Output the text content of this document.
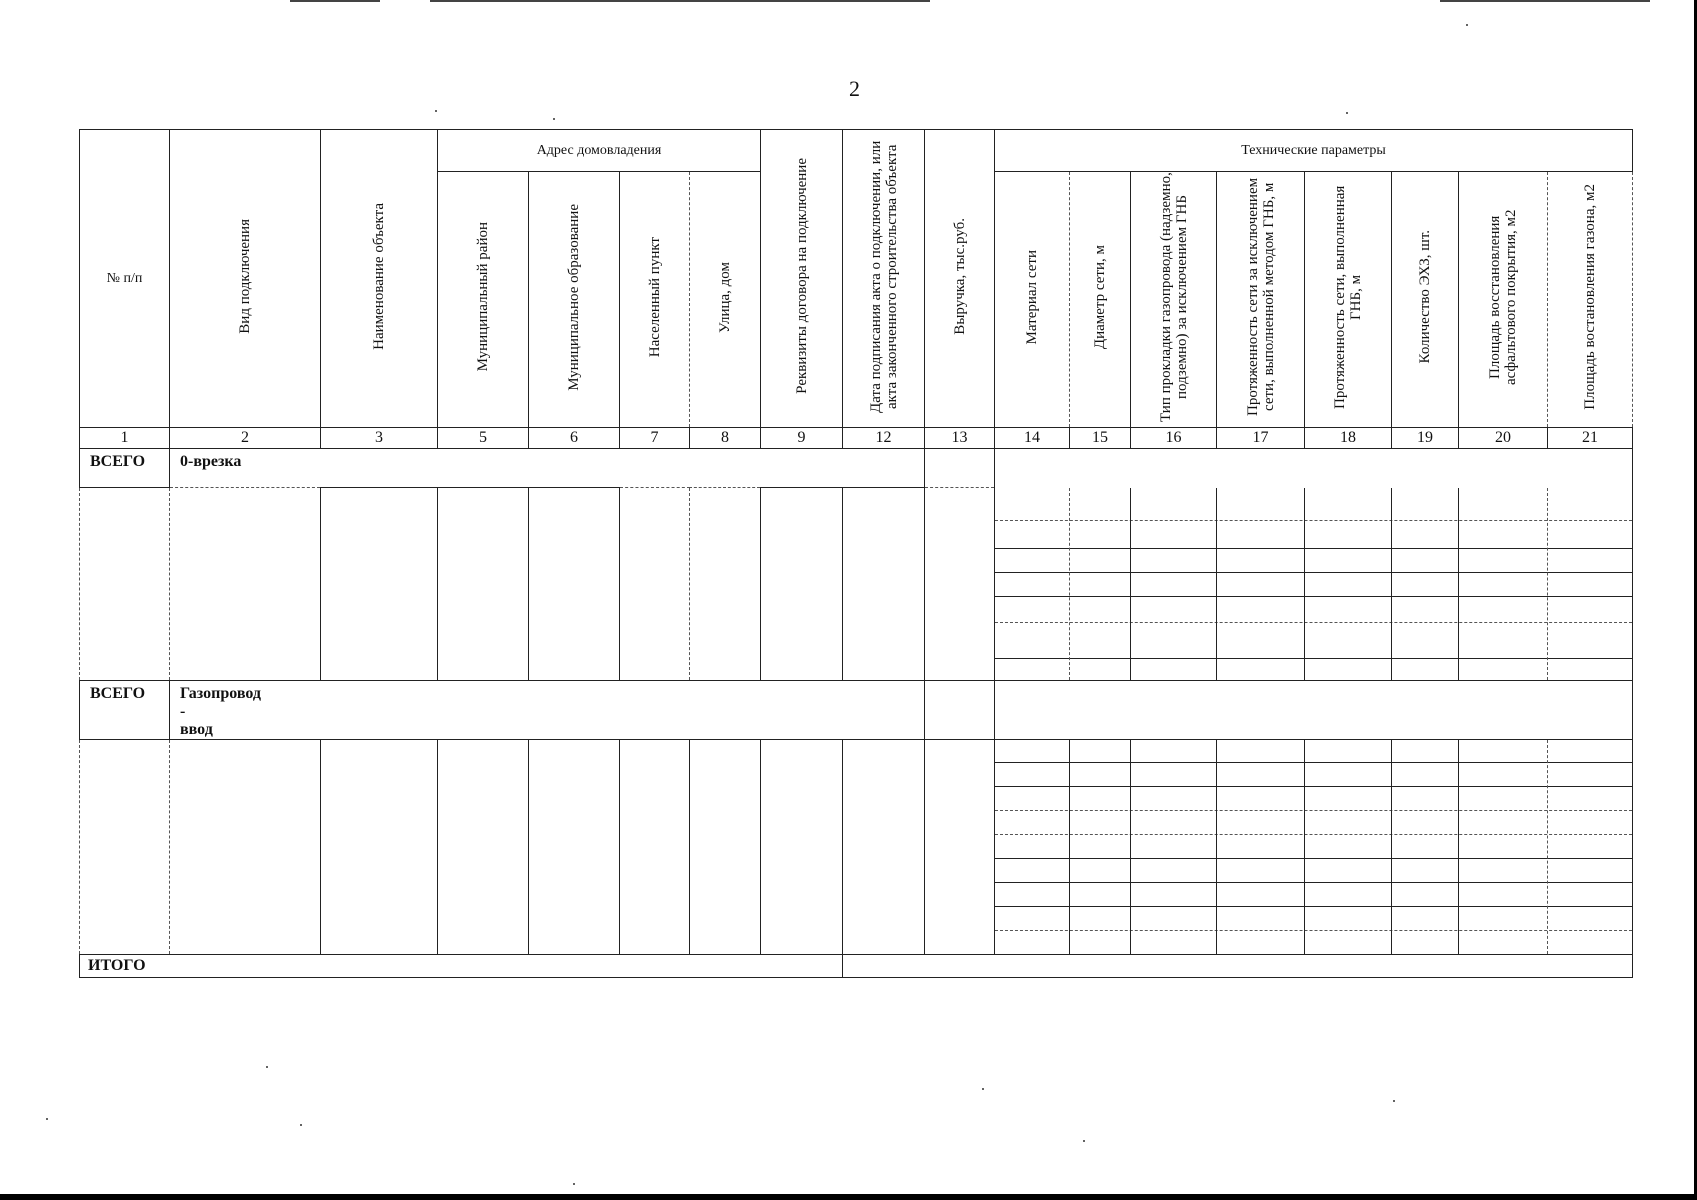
2
№ п/п	Вид подключения	Наименование объекта	Адрес домовладения				Реквизиты договора на подключение	Дата подписания акта о подключении, или акта законченного строительства объекта	Выручка, тыс.руб.	Технические параметры							
			Муниципальный район	Муниципальное образование	Населенный пункт	Улица, дом				Материал сети	Диаметр сети, м	Тип прокладки газопровода (надземно, подземно) за исключением ГНБ	Протяженность сети за исключением сети, выполненной методом ГНБ, м	Протяженность сети, выполненная ГНБ, м	Количество ЭХЗ, шт.	Площадь восстановления асфальтового покрытия, м2	Площадь востановления газона, м2
1	2	3	5	6	7	8	9	12	13	14	15	16	17	18	19	20	21
ВСЕГО	0-врезка																

ВСЕГО	Газопровод - ввод																

ИТОГО																	
